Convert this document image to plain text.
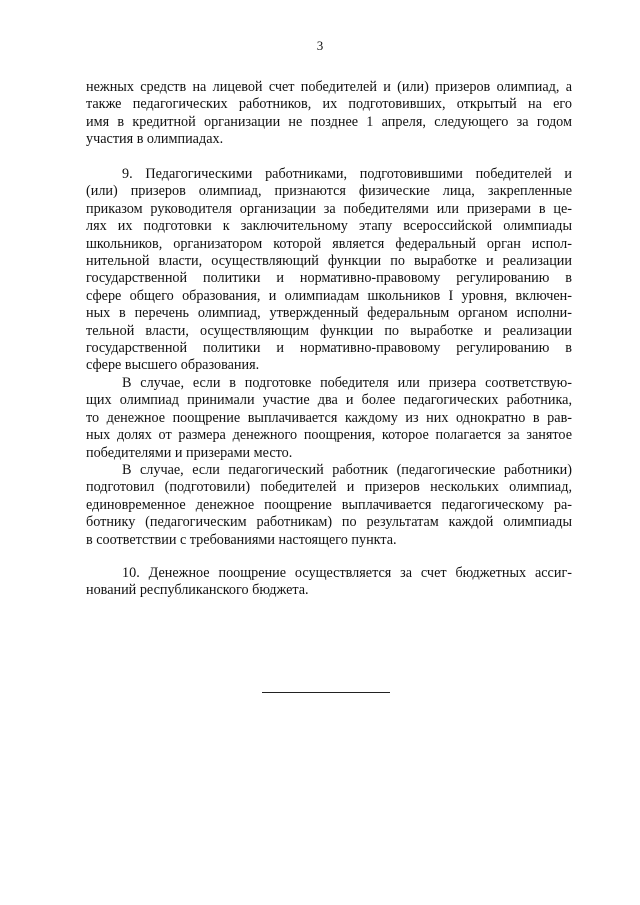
3
нежных средств на лицевой счет победителей и (или) призеров олимпиад, а
также педагогических работников, их подготовивших, открытый на его
имя в кредитной организации не позднее 1 апреля, следующего за годом
участия в олимпиадах.
9. Педагогическими работниками, подготовившими победителей и
(или) призеров олимпиад, признаются физические лица, закрепленные
приказом руководителя организации за победителями или призерами в це-
лях их подготовки к заключительному этапу всероссийской олимпиады
школьников, организатором которой является федеральный орган испол-
нительной власти, осуществляющий функции по выработке и реализации
государственной политики и нормативно-правовому регулированию в
сфере общего образования, и олимпиадам школьников I уровня, включен-
ных в перечень олимпиад, утвержденный федеральным органом исполни-
тельной власти, осуществляющим функции по выработке и реализации
государственной политики и нормативно-правовому регулированию в
сфере высшего образования.
В случае, если в подготовке победителя или призера соответствую-
щих олимпиад принимали участие два и более педагогических работника,
то денежное поощрение выплачивается каждому из них однократно в рав-
ных долях от размера денежного поощрения, которое полагается за занятое
победителями и призерами место.
В случае, если педагогический работник (педагогические работники)
подготовил (подготовили) победителей и призеров нескольких олимпиад,
единовременное денежное поощрение выплачивается педагогическому ра-
ботнику (педагогическим работникам) по результатам каждой олимпиады
в соответствии с требованиями настоящего пункта.
10. Денежное поощрение осуществляется за счет бюджетных ассиг-
нований республиканского бюджета.
